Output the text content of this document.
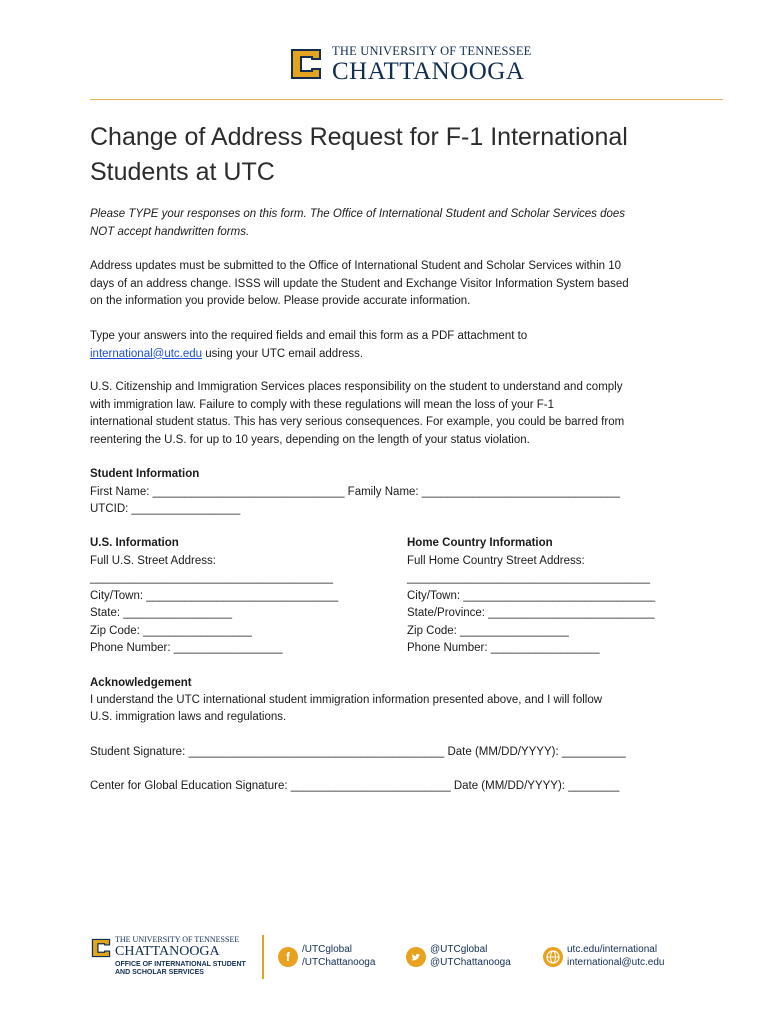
THE UNIVERSITY OF TENNESSEE
CHATTANOOGA
Change of Address Request for F-1 International
Students at UTC
Please TYPE your responses on this form. The Office of International Student and Scholar Services does
NOT accept handwritten forms.
Address updates must be submitted to the Office of International Student and Scholar Services within 10
days of an address change. ISSS will update the Student and Exchange Visitor Information System based
on the information you provide below. Please provide accurate information.
Type your answers into the required fields and email this form as a PDF attachment to
international@utc.edu using your UTC email address.
U.S. Citizenship and Immigration Services places responsibility on the student to understand and comply
with immigration law. Failure to comply with these regulations will mean the loss of your F-1
international student status. This has very serious consequences. For example, you could be barred from
reentering the U.S. for up to 10 years, depending on the length of your status violation.
Student Information
First Name: ______________________________ Family Name: _______________________________
UTCID: _________________
U.S. Information
Full U.S. Street Address:
______________________________________
City/Town: ______________________________
State: _________________
Zip Code: _________________
Phone Number: _________________
Home Country Information
Full Home Country Street Address:
______________________________________
City/Town: ______________________________
State/Province: __________________________
Zip Code: _________________
Phone Number: _________________
Acknowledgement
I understand the UTC international student immigration information presented above, and I will follow
U.S. immigration laws and regulations.
Student Signature: ________________________________________ Date (MM/DD/YYYY): __________
Center for Global Education Signature: _________________________ Date (MM/DD/YYYY): ________
THE UNIVERSITY OF TENNESSEE
CHATTANOOGA
OFFICE OF INTERNATIONAL STUDENT
AND SCHOLAR SERVICES
f
/UTCglobal
/UTChattanooga
@UTCglobal
@UTChattanooga
utc.edu/international
international@utc.edu
